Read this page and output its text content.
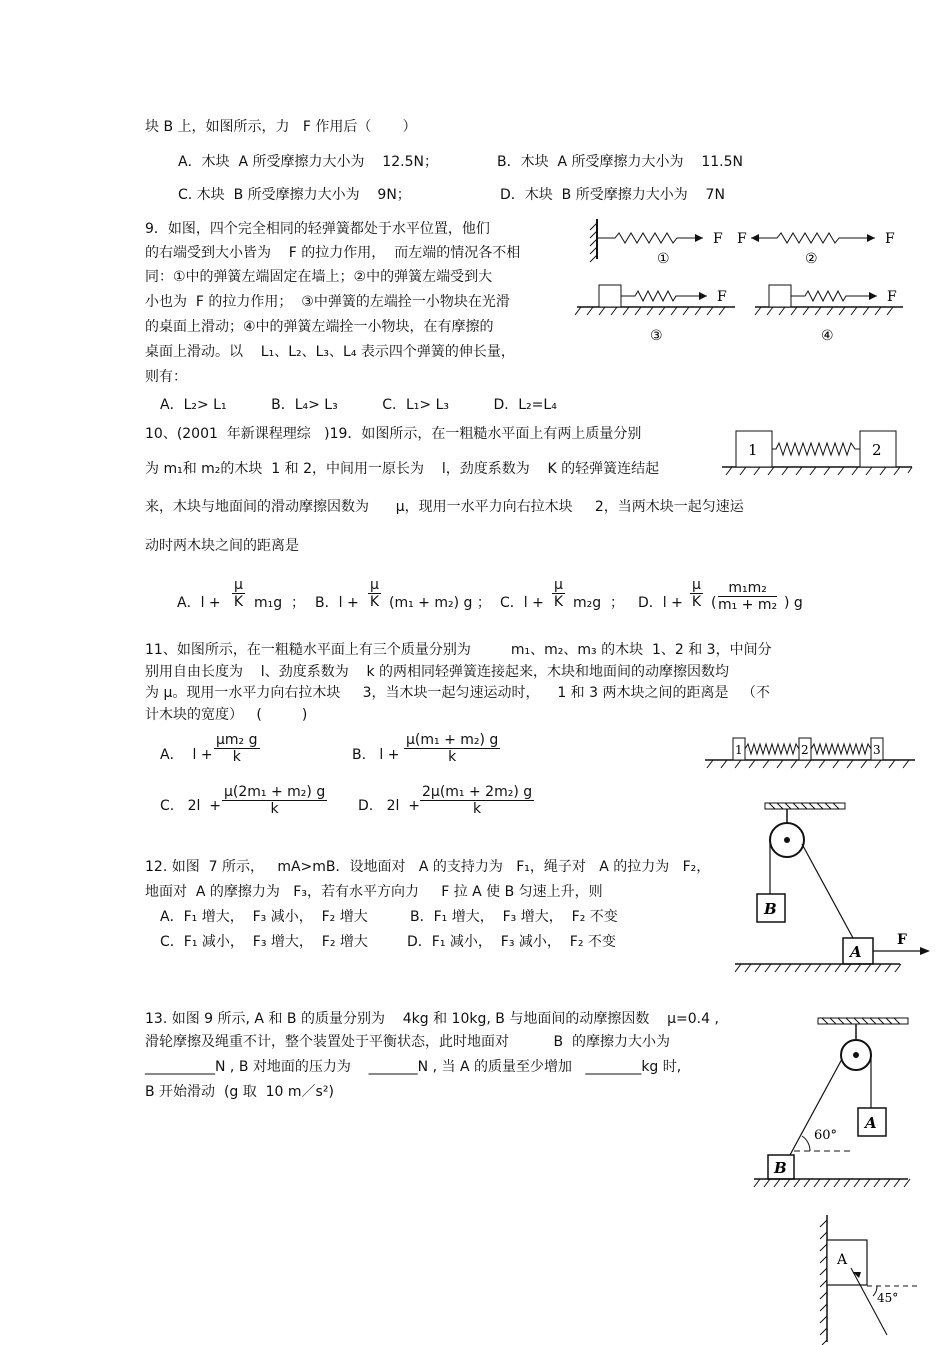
块 B 上，如图所示，力   F 作用后（       ）
A．木块  A 所受摩擦力大小为    12.5N；	B．木块  A 所受摩擦力大小为    11.5N
C. 木块  B 所受摩擦力大小为    9N；	D．木块  B 所受摩擦力大小为    7N
9．如图，四个完全相同的轻弹簧都处于水平位置，他们
的右端受到大小皆为    F 的拉力作用，  而左端的情况各不相
同：①中的弹簧左端固定在墙上；②中的弹簧左端受到大
小也为  F 的拉力作用；  ③中弹簧的左端拴一小物块在光滑
的桌面上滑动；④中的弹簧左端拴一小物块，在有摩擦的
桌面上滑动。以    L₁、L₂、L₃、L₄ 表示四个弹簧的伸长量，
则有：
A．L₂> L₁          B．L₄> L₃          C．L₁> L₃          D．L₂=L₄
F
①
F	F
②
F
③
F
④
10、(2001  年新课程理综   )19．如图所示，在一粗糙水平面上有两上质量分别
为 m₁和 m₂的木块  1 和 2，中间用一原长为    l，劲度系数为    K 的轻弹簧连结起
来，木块与地面间的滑动摩擦因数为      μ，现用一水平力向右拉木块     2，当两木块一起匀速运
动时两木块之间的距离是
1	2
A．l +
μ
K m₁g  ； B．l +
μ
K (m₁ + m₂) g ； C．l +
μ
K m₂g  ； D．l +
μ
K (
m₁m₂
m₁ + m₂ ) g
11、如图所示，在一粗糙水平面上有三个质量分别为         m₁、m₂、m₃ 的木块  1、2 和 3，中间分
别用自由长度为    l、劲度系数为    k 的两相同轻弹簧连接起来，木块和地面间的动摩擦因数均
为 μ。现用一水平力向右拉木块     3，当木块一起匀速运动时，    1 和 3 两木块之间的距离是   （不
计木块的宽度）   (         )
1	2	3
A．  l +
μm₂ g
k	B.   l +
μ(m₁ + m₂) g
k
C.   2l  +
μ(2m₁ + m₂) g
k	D.   2l  +
2μ(m₁ + 2m₂) g
k
12. 如图  7 所示，   mA>mB．设地面对   A 的支持力为   F₁，绳子对   A 的拉力为   F₂，
地面对  A 的摩擦力为   F₃，若有水平方向力     F 拉 A 使 B 匀速上升，则
A．F₁ 增大，  F₃ 减小，  F₂ 增大	B．F₁ 增大，  F₃ 增大，  F₂ 不变
C．F₁ 减小，  F₃ 增大，  F₂ 增大	D．F₁ 减小，  F₃ 减小，  F₂ 不变
B
A
F
13. 如图 9 所示, A 和 B 的质量分别为    4kg 和 10kg, B 与地面间的动摩擦因数    μ=0.4 ,
滑轮摩擦及绳重不计，整个装置处于平衡状态，此时地面对          B  的摩擦力大小为
__________N , B 对地面的压力为    _______N , 当 A 的质量至少增加   ________kg 时,
B 开始滑动  (g 取  10 m／s²)
A
60°
B
A
45°
